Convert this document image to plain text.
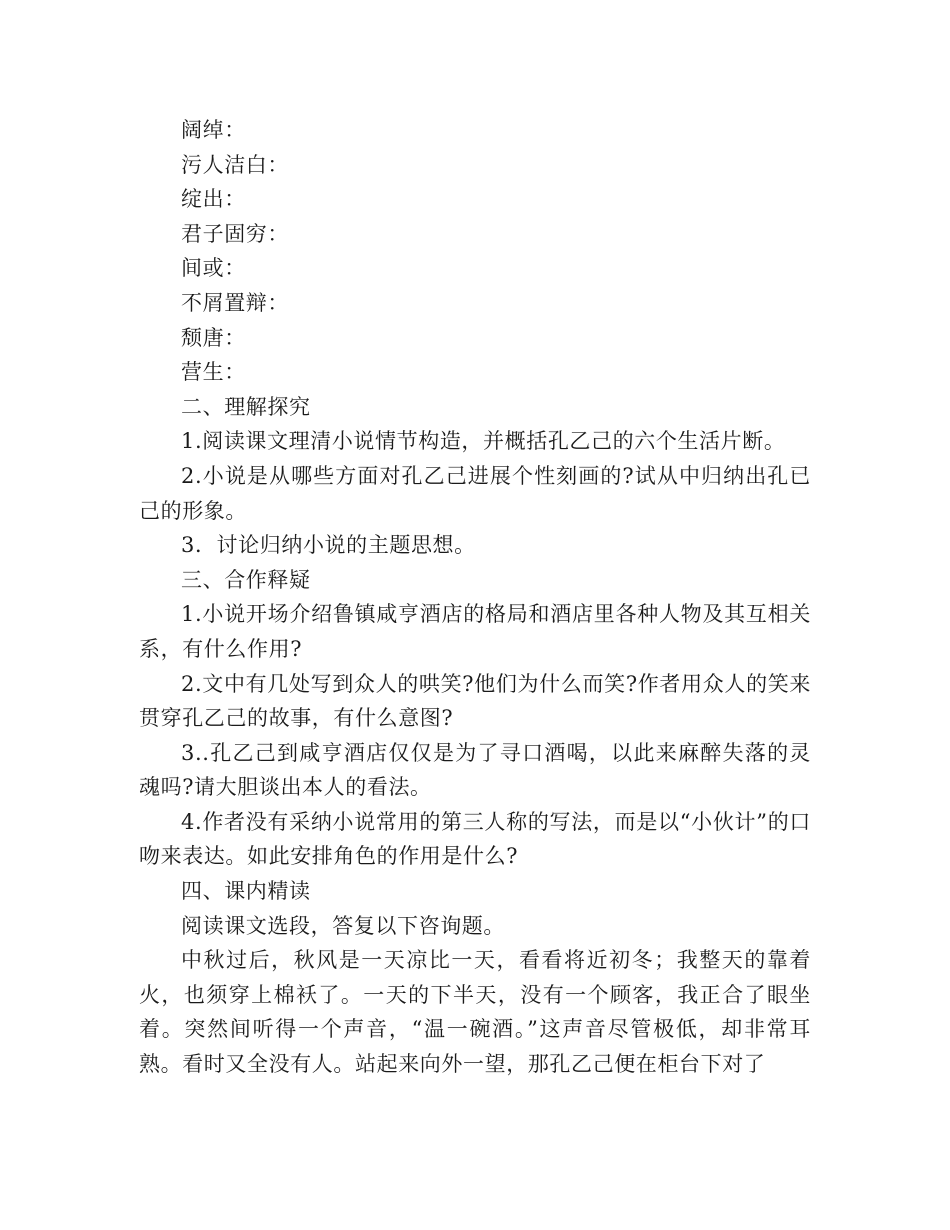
阔绰：

污人洁白：

绽出：

君子固穷：

间或：

不屑置辩：

颓唐：

营生：

二、理解探究

1.阅读课文理清小说情节构造，并概括孔乙己的六个生活片断。

2.小说是从哪些方面对孔乙己进展个性刻画的?试从中归纳出孔已己的形象。

3．讨论归纳小说的主题思想。

三、合作释疑

1.小说开场介绍鲁镇咸亨酒店的格局和酒店里各种人物及其互相关系，有什么作用?

2.文中有几处写到众人的哄笑?他们为什么而笑?作者用众人的笑来贯穿孔乙己的故事，有什么意图?

3..孔乙己到咸亨酒店仅仅是为了寻口酒喝，以此来麻醉失落的灵魂吗?请大胆谈出本人的看法。

4.作者没有采纳小说常用的第三人称的写法，而是以“小伙计”的口吻来表达。如此安排角色的作用是什么?

四、课内精读

阅读课文选段，答复以下咨询题。

中秋过后，秋风是一天凉比一天，看看将近初冬；我整天的靠着火，也须穿上棉袄了。一天的下半天，没有一个顾客，我正合了眼坐着。突然间听得一个声音，“温一碗酒。”这声音尽管极低，却非常耳熟。看时又全没有人。站起来向外一望，那孔乙己便在柜台下对了
